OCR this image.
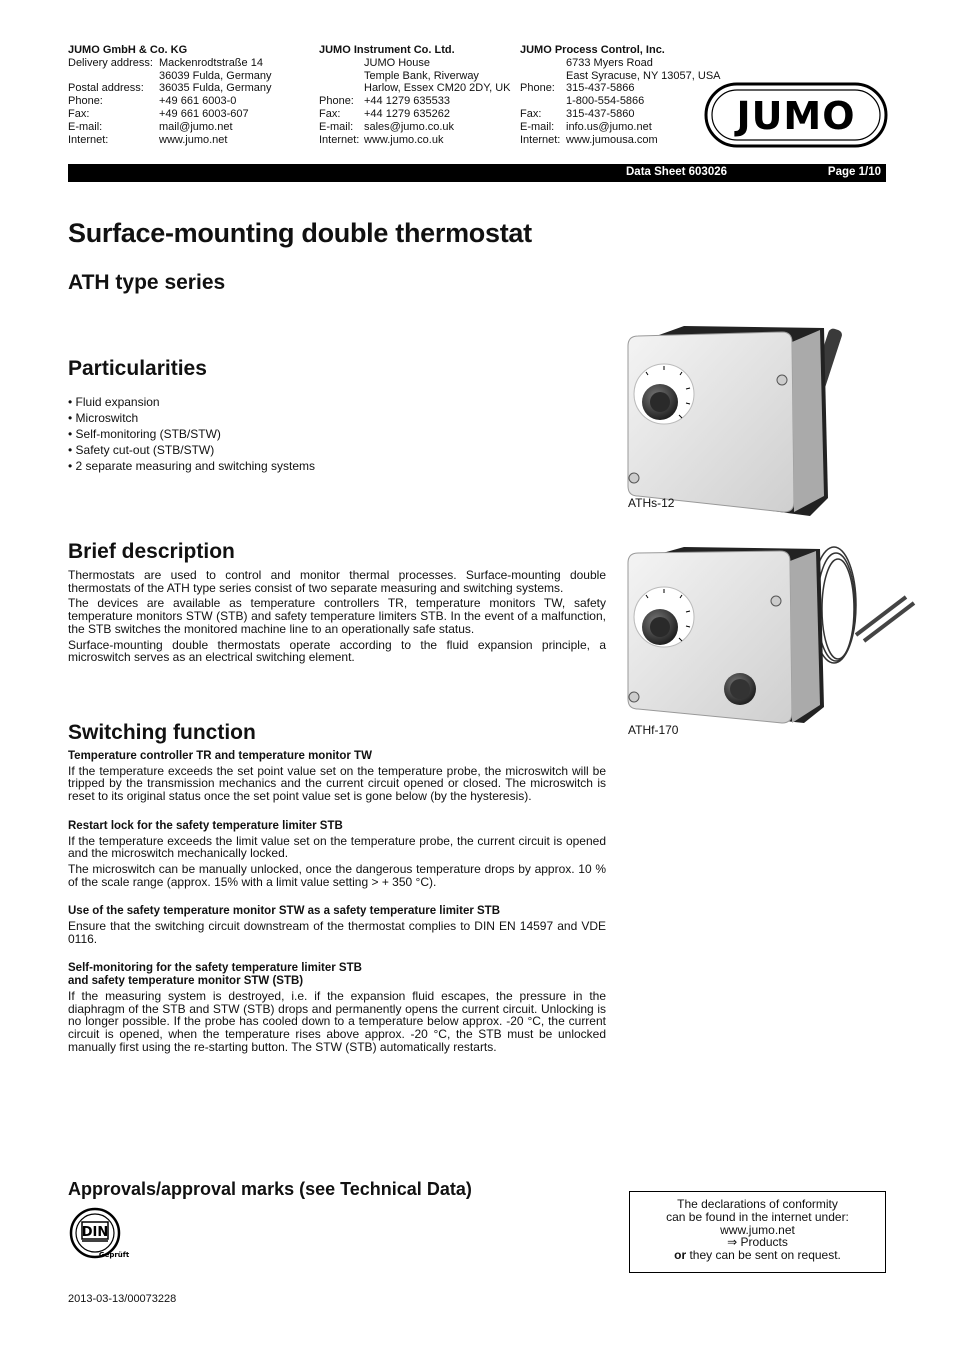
JUMO GmbH & Co. KG
Delivery address: Mackenrodtstraße 14
36039 Fulda, Germany
Postal address:	36035 Fulda, Germany
Phone:	+49 661 6003-0
Fax:	+49 661 6003-607
E-mail:	mail@jumo.net
Internet:	www.jumo.net
JUMO Instrument Co. Ltd.
JUMO House
Temple Bank, Riverway
Harlow, Essex CM20 2DY, UK
Phone: +44 1279 635533
Fax:	+44 1279 635262
E-mail: sales@jumo.co.uk
Internet: www.jumo.co.uk
JUMO Process Control, Inc.
6733 Myers Road
East Syracuse, NY 13057, USA
Phone:	315-437-5866
1-800-554-5866
Fax:	315-437-5860
E-mail:	info.us@jumo.net
Internet: www.jumousa.com
JUMO
Data Sheet 603026	Page 1/10
Surface-mounting double thermostat
ATH type series
Particularities
• Fluid expansion
• Microswitch
• Self-monitoring (STB/STW)
• Safety cut-out (STB/STW)
• 2 separate measuring and switching systems
Brief description

Thermostats are used to control and monitor thermal processes. Surface-mounting double thermostats of the ATH type series consist of two separate measuring and switching systems.

The devices are available as temperature controllers TR, temperature monitors TW, safety temperature monitors STW (STB) and safety temperature limiters STB. In the event of a malfunction, the STB switches the monitored machine line to an operationally safe status.

Surface-mounting double thermostats operate according to the fluid expansion principle, a microswitch serves as an electrical switching element.

Switching function
Temperature controller TR and temperature monitor TW

If the temperature exceeds the set point value set on the temperature probe, the microswitch will be tripped by the transmission mechanics and the current circuit opened or closed. The microswitch is reset to its original status once the set point value set is gone below (by the hysteresis).

Restart lock for the safety temperature limiter STB

If the temperature exceeds the limit value set on the temperature probe, the current circuit is opened and the microswitch mechanically locked.

The microswitch can be manually unlocked, once the dangerous temperature drops by approx. 10 % of the scale range (approx. 15% with a limit value setting > + 350 °C).

Use of the safety temperature monitor STW as a safety temperature limiter STB

Ensure that the switching circuit downstream of the thermostat complies to DIN EN 14597 and VDE 0116.

Self-monitoring for the safety temperature limiter STB
and safety temperature monitor STW (STB)

If the measuring system is destroyed, i.e. if the expansion fluid escapes, the pressure in the diaphragm of the STB and STW (STB) drops and permanently opens the current circuit. Unlocking is no longer possible. If the probe has cooled down to a temperature below approx. -20 °C, the current circuit is opened, when the temperature rises above approx. -20 °C, the STB must be unlocked manually first using the re-starting button. The STW (STB) automatically restarts.

ATHs-12
ATHf-170
Approvals/approval marks (see Technical Data)
DIN
Geprüft
The declarations of conformity
can be found in the internet under:
www.jumo.net
⇒ Products
or they can be sent on request.
2013-03-13/00073228
